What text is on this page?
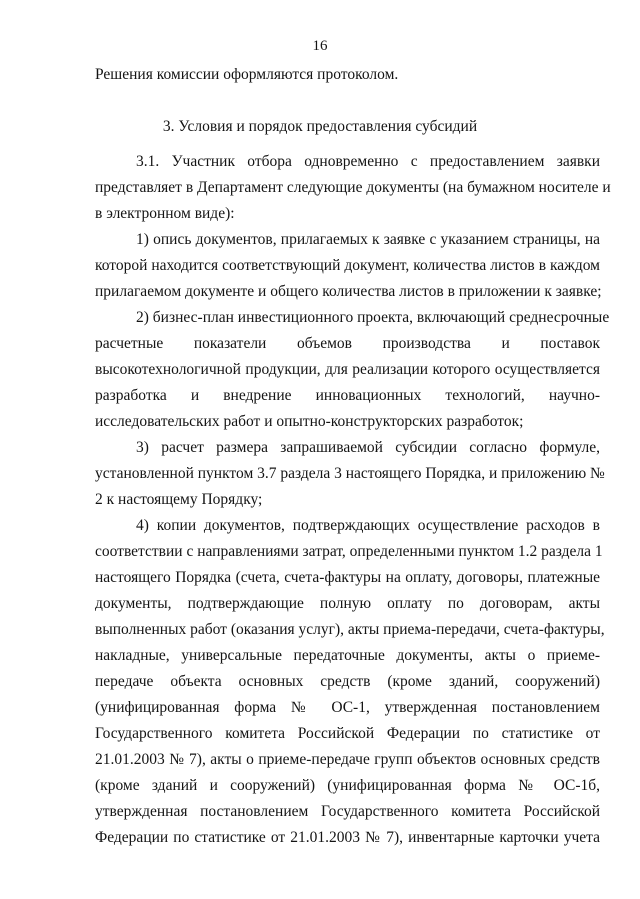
16
Решения комиссии оформляются протоколом.
3. Условия и порядок предоставления субсидий
3.1. Участник отбора одновременно с предоставлением заявки
представляет в Департамент следующие документы (на бумажном носителе и
в электронном виде):
1) опись документов, прилагаемых к заявке с указанием страницы, на
которой находится соответствующий документ, количества листов в каждом
прилагаемом документе и общего количества листов в приложении к заявке;
2) бизнес-план инвестиционного проекта, включающий среднесрочные
расчетные показатели объемов производства и поставок
высокотехнологичной продукции, для реализации которого осуществляется
разработка и внедрение инновационных технологий, научно-
исследовательских работ и опытно-конструкторских разработок;
3) расчет размера запрашиваемой субсидии согласно формуле,
установленной пунктом 3.7 раздела 3 настоящего Порядка, и приложению №
2 к настоящему Порядку;
4) копии документов, подтверждающих осуществление расходов в
соответствии с направлениями затрат, определенными пунктом 1.2 раздела 1
настоящего Порядка (счета, счета-фактуры на оплату, договоры, платежные
документы, подтверждающие полную оплату по договорам, акты
выполненных работ (оказания услуг), акты приема-передачи, счета-фактуры,
накладные, универсальные передаточные документы, акты о приеме-
передаче объекта основных средств (кроме зданий, сооружений)
(унифицированная форма № ОС-1, утвержденная постановлением
Государственного комитета Российской Федерации по статистике от
21.01.2003 № 7), акты о приеме-передаче групп объектов основных средств
(кроме зданий и сооружений) (унифицированная форма № ОС-1б,
утвержденная постановлением Государственного комитета Российской
Федерации по статистике от 21.01.2003 № 7), инвентарные карточки учета
